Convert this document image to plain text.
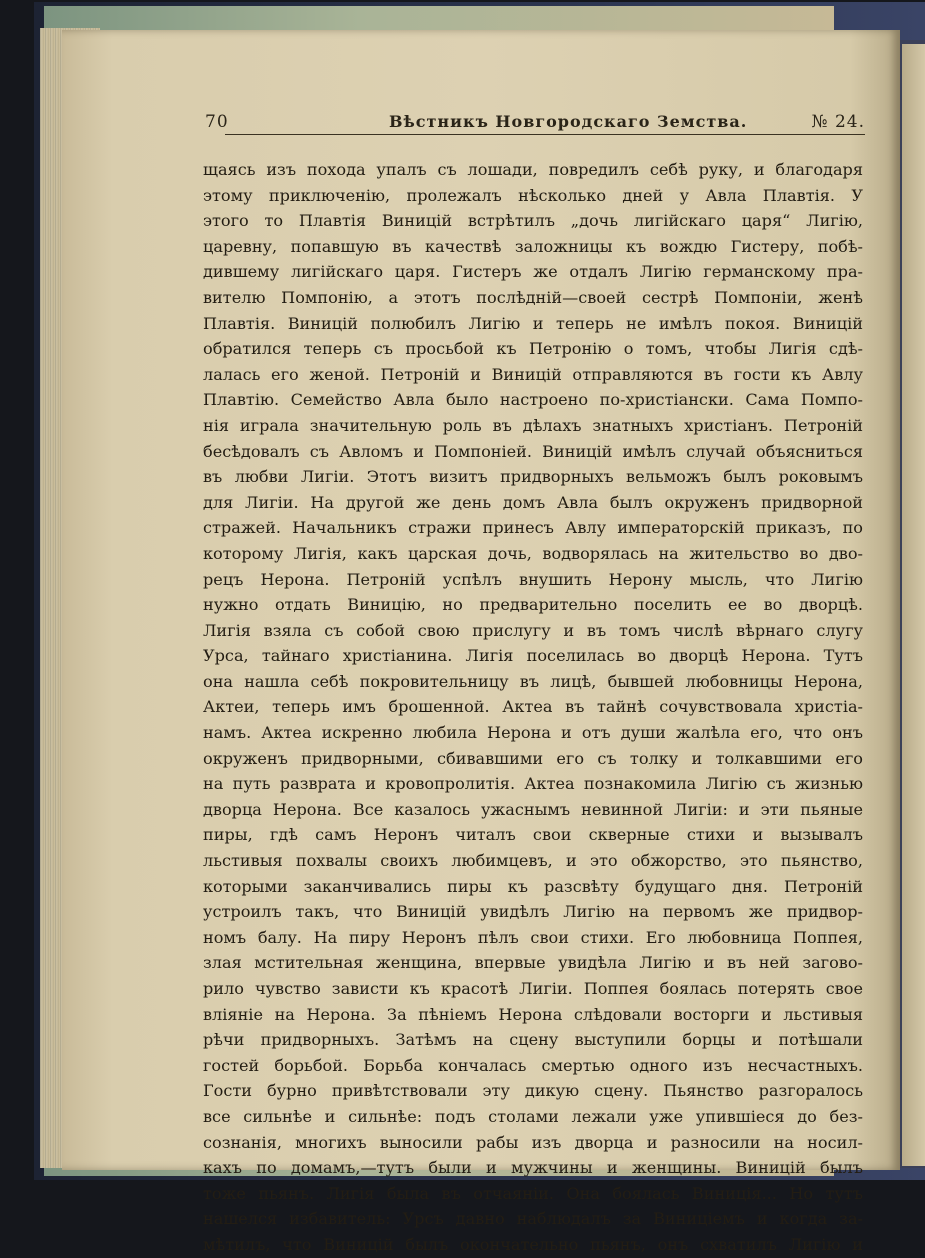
70	Вѣстникъ Новгородскаго Земства.	№ 24.
щаясь изъ похода упалъ съ лошади, повредилъ себѣ руку, и благодаря
этому приключенію, пролежалъ нѣсколько дней у Авла Плавтія. У
этого то Плавтія Виницій встрѣтилъ „дочь лигійскаго царя“ Лигію,
царевну, попавшую въ качествѣ заложницы къ вождю Гистеру, побѣ-
дившему лигійскаго царя. Гистеръ же отдалъ Лигію германскому пра-
вителю Помпонію, а этотъ послѣдній—своей сестрѣ Помпоніи, женѣ
Плавтія. Виницій полюбилъ Лигію и теперь не имѣлъ покоя. Виницій
обратился теперь съ просьбой къ Петронію о томъ, чтобы Лигія сдѣ-
лалась его женой. Петроній и Виницій отправляются въ гости къ Авлу
Плавтію. Семейство Авла было настроено по-христіански. Сама Помпо-
нія играла значительную роль въ дѣлахъ знатныхъ христіанъ. Петроній
бесѣдовалъ съ Авломъ и Помпоніей. Виницій имѣлъ случай объясниться
въ любви Лигіи. Этотъ визитъ придворныхъ вельможъ былъ роковымъ
для Лигіи. На другой же день домъ Авла былъ окруженъ придворной
стражей. Начальникъ стражи принесъ Авлу императорскій приказъ, по
которому Лигія, какъ царская дочь, водворялась на жительство во дво-
рецъ Нерона. Петроній успѣлъ внушить Нерону мысль, что Лигію
нужно отдать Виницію, но предварительно поселить ее во дворцѣ.
Лигія взяла съ собой свою прислугу и въ томъ числѣ вѣрнаго слугу
Урса, тайнаго христіанина. Лигія поселилась во дворцѣ Нерона. Тутъ
она нашла себѣ покровительницу въ лицѣ, бывшей любовницы Нерона,
Актеи, теперь имъ брошенной. Актеа въ тайнѣ сочувствовала христіа-
намъ. Актеа искренно любила Нерона и отъ души жалѣла его, что онъ
окруженъ придворными, сбивавшими его съ толку и толкавшими его
на путь разврата и кровопролитія. Актеа познакомила Лигію съ жизнью
дворца Нерона. Все казалось ужаснымъ невинной Лигіи: и эти пьяные
пиры, гдѣ самъ Неронъ читалъ свои скверные стихи и вызывалъ
льстивыя похвалы своихъ любимцевъ, и это обжорство, это пьянство,
которыми заканчивались пиры къ разсвѣту будущаго дня. Петроній
устроилъ такъ, что Виницій увидѣлъ Лигію на первомъ же придвор-
номъ балу. На пиру Неронъ пѣлъ свои стихи. Его любовница Поппея,
злая мстительная женщина, впервые увидѣла Лигію и въ ней загово-
рило чувство зависти къ красотѣ Лигіи. Поппея боялась потерять свое
вліяніе на Нерона. За пѣніемъ Нерона слѣдовали восторги и льстивыя
рѣчи придворныхъ. Затѣмъ на сцену выступили борцы и потѣшали
гостей борьбой. Борьба кончалась смертью одного изъ несчастныхъ.
Гости бурно привѣтствовали эту дикую сцену. Пьянство разгоралось
все сильнѣе и сильнѣе: подъ столами лежали уже упившіеся до без-
сознанія, многихъ выносили рабы изъ дворца и разносили на носил-
кахъ по домамъ,—тутъ были и мужчины и женщины. Виницій былъ
тоже пьянъ. Лигія была въ отчаяніи. Она боялась Виниція... Но тутъ
нашелся избавитель: Урсъ давно наблюдалъ за Виниціемъ и когда за-
мѣтилъ, что Виницій былъ окончательно пьянъ, онъ схватилъ Лигію и
